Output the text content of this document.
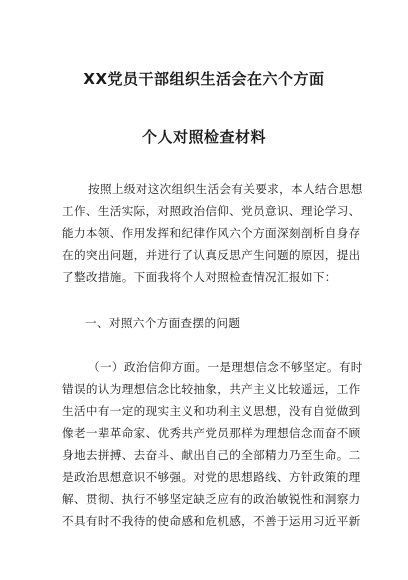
XX党员干部组织生活会在六个方面
个人对照检查材料
按照上级对这次组织生活会有关要求，本人结合思想
工作、生活实际，对照政治信仰、党员意识、理论学习、
能力本领、作用发挥和纪律作风六个方面深刻剖析自身存
在的突出问题，并进行了认真反思产生问题的原因，提出
了整改措施。下面我将个人对照检查情况汇报如下：
一、对照六个方面查摆的问题
（一）政治信仰方面。一是理想信念不够坚定。有时
错误的认为理想信念比较抽象，共产主义比较遥远，工作
生活中有一定的现实主义和功利主义思想，没有自觉做到
像老一辈革命家、优秀共产党员那样为理想信念而奋不顾
身地去拼搏、去奋斗、献出自己的全部精力乃至生命。二
是政治思想意识不够强。对党的思想路线、方针政策的理
解、贯彻、执行不够坚定缺乏应有的政治敏锐性和洞察力
不具有时不我待的使命感和危机感，不善于运用习近平新
